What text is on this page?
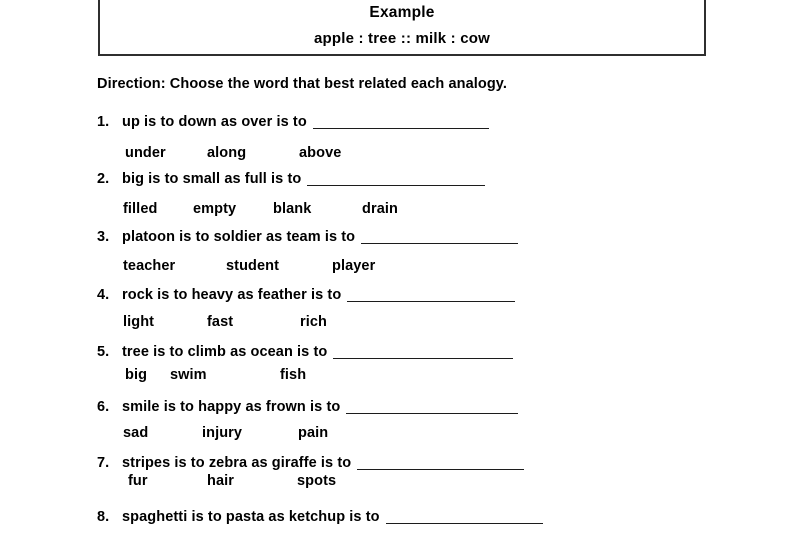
Example
apple : tree :: milk : cow
Direction: Choose the word that best related each analogy.
1. up is to down as over is to

under	along	above
2. big is to small as full is to

filled empty	blank	drain
3. platoon is to soldier as team is to

teacher	student	player
4. rock is to heavy as feather is to

light	fast	rich
5. tree is to climb as ocean is to

big swim	fish
6. smile is to happy as frown is to

sad	injury	pain
7. stripes is to zebra as giraffe is to

fur	hair	spots
8. spaghetti is to pasta as ketchup is to
